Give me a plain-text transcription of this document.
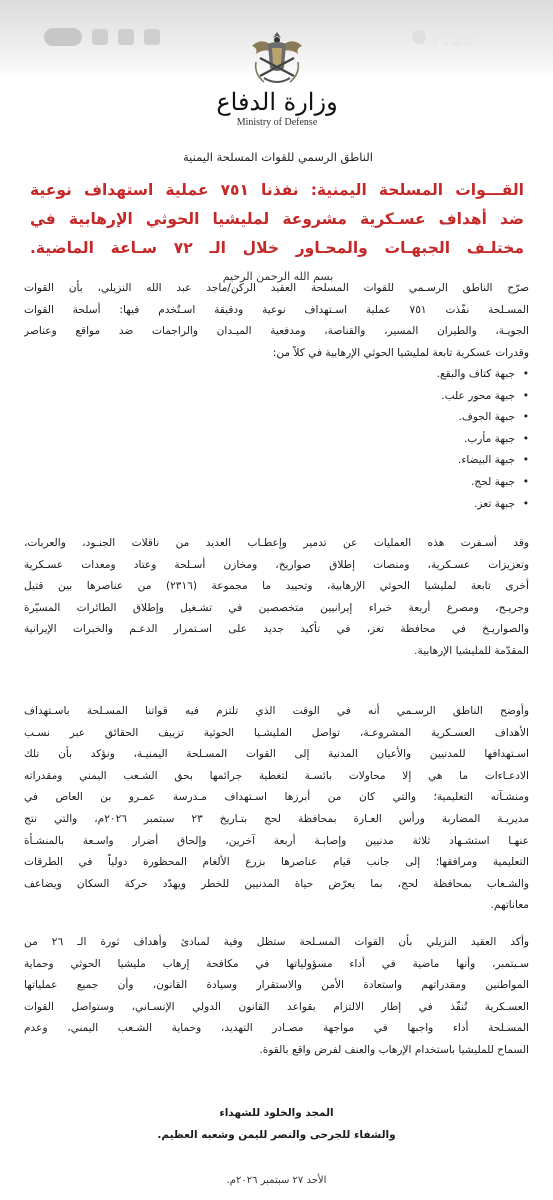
7:59
وزارة الدفاع
Ministry of Defense
الناطق الرسمي للقوات المسلحة اليمنية
القـــوات المسلحة اليمنية: نفذنا ٧٥١ عملية استهداف نوعية
ضد أهداف عسـكرية مشروعة لمليشيا الحوثي الإرهابية في
مختلـف الجبهـات والمحـاور خلال الـ ٧٢ سـاعة الماضية.
بسم الله الرحمن الرحيم
صرّح الناطق الرسـمي للقوات المسلحة العقيد الركن/ماجد عبد الله النزيلي، بأن القوات
المسـلحة نفّذت ٧٥١ عملية اسـتهداف نوعية ودقيقة اسـتُخدم فيها: أسلحة القوات
الجويـة، والطيران المسير، والقناصة، ومدفعية الميـدان والراجمات ضد مواقع وعناصر
وقدرات عسكرية تابعة لمليشيا الحوثي الإرهابية في كلاً من:
• جبهة كتاف والبقع.
• جبهة محور علب.
• جبهة الجوف.
• جبهة مأرب.
• جبهة البيضاء.
• جبهة لحج.
• جبهة تعز.
وقد أسـفرت هذه العمليات عن تدمير وإعطـاب العديد من ناقلات الجنـود، والعربات،
وتعزيزات عسـكرية، ومنصات إطلاق صواريخ، ومخازن أسـلحة وعتاد ومعدات عسـكرية
أخرى تابعة لمليشيا الحوثي الإرهابية، وتحييد ما مجموعة (٢٣١٦) من عناصرها بين قتيل
وجريـح، ومصرع أربعة خبراء إيرانيين متخصصين في تشـغيل وإطلاق الطائرات المسيّرة
والصواريـخ في محافظة تعز، في تأكيد جديد على اسـتمرار الدعـم والخبرات الإيرانية
المقدّمة للمليشيا الإرهابية.
وأوضح الناطق الرسـمي أنه في الوقت الذي تلتزم فيه قواتنا المسـلحة باسـتهداف
الأهداف العسـكرية المشروعـة، تواصل المليشـيا الحوثية تزييف الحقائق عبر نسـب
اسـتهدافها للمدنيين والأعيان المدنية إلى القوات المسـلحة اليمنيـة، ونؤكد بأن تلك
الادعـاءات ما هي إلا محاولات بائسـة لتغطية جرائمها بحق الشـعب اليمني ومقدراته
ومنشـآته التعليمية؛ والتي كان من أبرزها اسـتهداف مـدرسة عمـرو بن العاص في
مديريـة المضاربة ورأس العـارة بمحافظة لحج بتـاريخ ٢٣ سبتمبر ٢٠٢٦م، والتي نتج
عنهـا استشـهاد ثلاثة مدنيين وإصابـة أربعة آخرين، وإلحاق أضرار واسـعة بالمنشـأة
التعليمية ومرافقها؛ إلى جانب قيام عناصرها بزرع الألغام المحظورة دولياً في الطرقات
والشـعاب بمحافظة لحج، بما يعرّض حياة المدنيين للخطر ويهدّد حركة السكان ويضاعف
معاناتهم.
وأكد العقيد النزيلي بأن القوات المسـلحة ستظل وفية لمبادئ وأهداف ثورة الـ ٢٦ من
سـبتمبر، وأنها ماضية في أداء مسؤولياتها في مكافحة إرهاب مليشيا الحوثي وحماية
المواطنين ومقدراتهم واستعادة الأمن والاستقرار وسيادة القانون، وأن جميع عملياتها
العسـكرية تُنفّذ في إطار الالتزام بقواعد القانون الدولي الإنسـاني، وستواصل القوات
المسـلحة أداء واجبها في مواجهة مصـادر التهديد، وحماية الشـعب اليمني، وعدم
السماح للمليشيا باستخدام الإرهاب والعنف لفرض واقع بالقوة.
المجد والخلود للشهداء
والشفاء للجرحى والنصر لليمن وشعبه العظيم.
الأحد ٢٧ سبتمبر ٢٠٢٦م.
